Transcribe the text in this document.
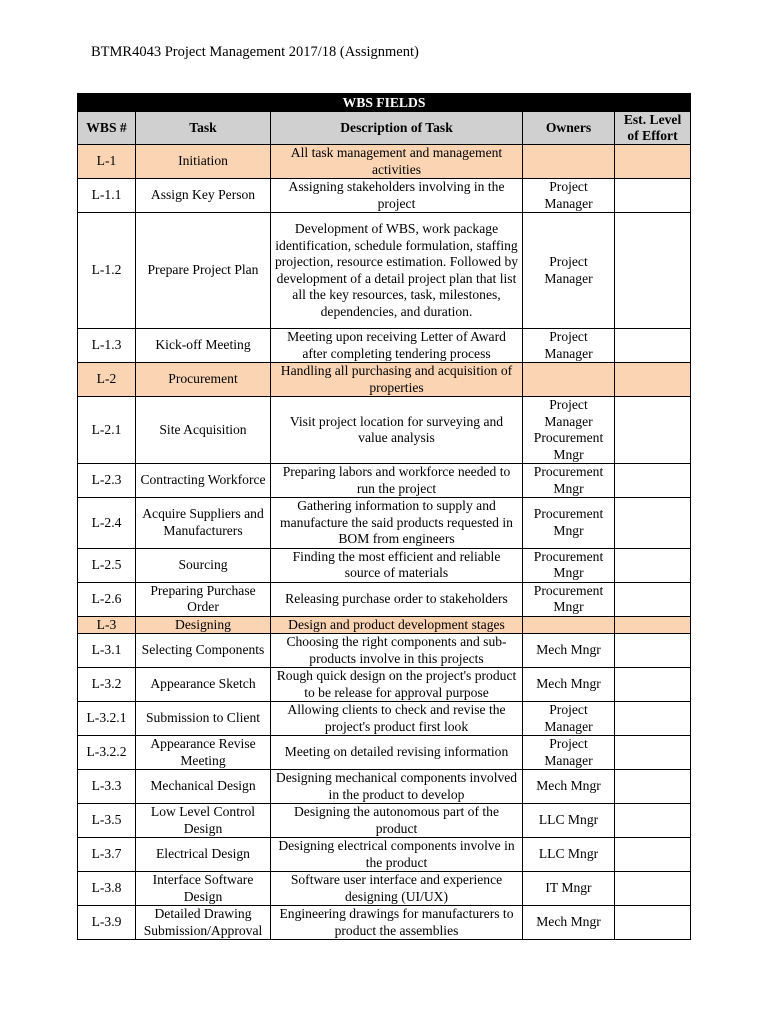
BTMR4043 Project Management 2017/18 (Assignment)
WBS FIELDS				
WBS #	Task	Description of Task	Owners	Est. Level of Effort
L-1	Initiation	All task management and management activities		
L-1.1	Assign Key Person	Assigning stakeholders involving in the project	Project Manager	
L-1.2	Prepare Project Plan	Development of WBS, work package identification, schedule formulation, staffing projection, resource estimation. Followed by development of a detail project plan that list all the key resources, task, milestones, dependencies, and duration.	Project Manager	
L-1.3	Kick-off Meeting	Meeting upon receiving Letter of Award after completing tendering process	Project Manager	
L-2	Procurement	Handling all purchasing and acquisition of properties		
L-2.1	Site Acquisition	Visit project location for surveying and value analysis	Project Manager Procurement Mngr	
L-2.3	Contracting Workforce	Preparing labors and workforce needed to run the project	Procurement Mngr	
L-2.4	Acquire Suppliers and Manufacturers	Gathering information to supply and manufacture the said products requested in BOM from engineers	Procurement Mngr	
L-2.5	Sourcing	Finding the most efficient and reliable source of materials	Procurement Mngr	
L-2.6	Preparing Purchase Order	Releasing purchase order to stakeholders	Procurement Mngr	
L-3	Designing	Design and product development stages		
L-3.1	Selecting Components	Choosing the right components and sub-products involve in this projects	Mech Mngr	
L-3.2	Appearance Sketch	Rough quick design on the project's product to be release for approval purpose	Mech Mngr	
L-3.2.1	Submission to Client	Allowing clients to check and revise the project's product first look	Project Manager	
L-3.2.2	Appearance Revise Meeting	Meeting on detailed revising information	Project Manager	
L-3.3	Mechanical Design	Designing mechanical components involved in the product to develop	Mech Mngr	
L-3.5	Low Level Control Design	Designing the autonomous part of the product	LLC Mngr	
L-3.7	Electrical Design	Designing electrical components involve in the product	LLC Mngr	
L-3.8	Interface Software Design	Software user interface and experience designing (UI/UX)	IT Mngr	
L-3.9	Detailed Drawing Submission/Approval	Engineering drawings for manufacturers to product the assemblies	Mech Mngr	
